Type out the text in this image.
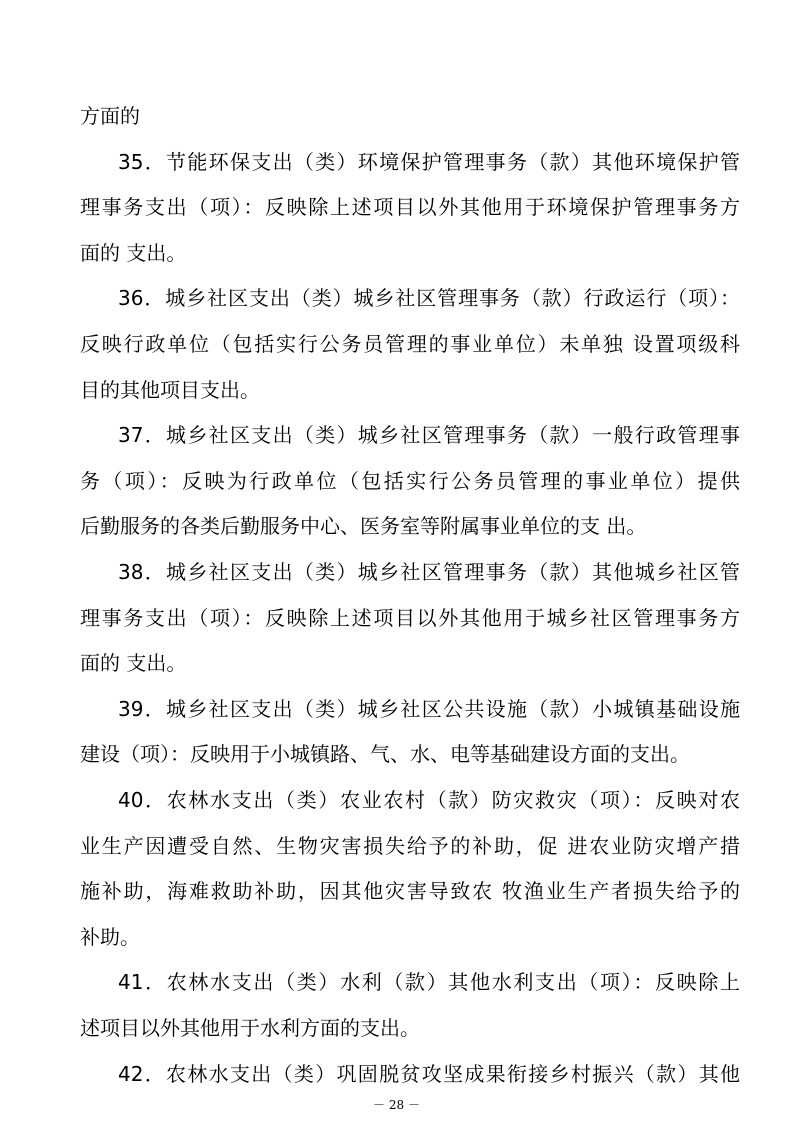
方面的
35．节能环保支出（类）环境保护管理事务（款）其他环境保护管
理事务支出（项）：反映除上述项目以外其他用于环境保护管理事务方
面的 支出。
36．城乡社区支出（类）城乡社区管理事务（款）行政运行（项）：
反映行政单位（包括实行公务员管理的事业单位）未单独 设置项级科
目的其他项目支出。
37．城乡社区支出（类）城乡社区管理事务（款）一般行政管理事
务（项）：反映为行政单位（包括实行公务员管理的事业单位）提供
后勤服务的各类后勤服务中心、医务室等附属事业单位的支 出。
38．城乡社区支出（类）城乡社区管理事务（款）其他城乡社区管
理事务支出（项）：反映除上述项目以外其他用于城乡社区管理事务方
面的 支出。
39．城乡社区支出（类）城乡社区公共设施（款）小城镇基础设施
建设（项）：反映用于小城镇路、气、水、电等基础建设方面的支出。
40．农林水支出（类）农业农村（款）防灾救灾（项）：反映对农
业生产因遭受自然、生物灾害损失给予的补助，促 进农业防灾增产措
施补助，海难救助补助，因其他灾害导致农 牧渔业生产者损失给予的
补助。
41．农林水支出（类）水利（款）其他水利支出（项）：反映除上
述项目以外其他用于水利方面的支出。
42．农林水支出（类）巩固脱贫攻坚成果衔接乡村振兴（款）其他
－ 28 －
